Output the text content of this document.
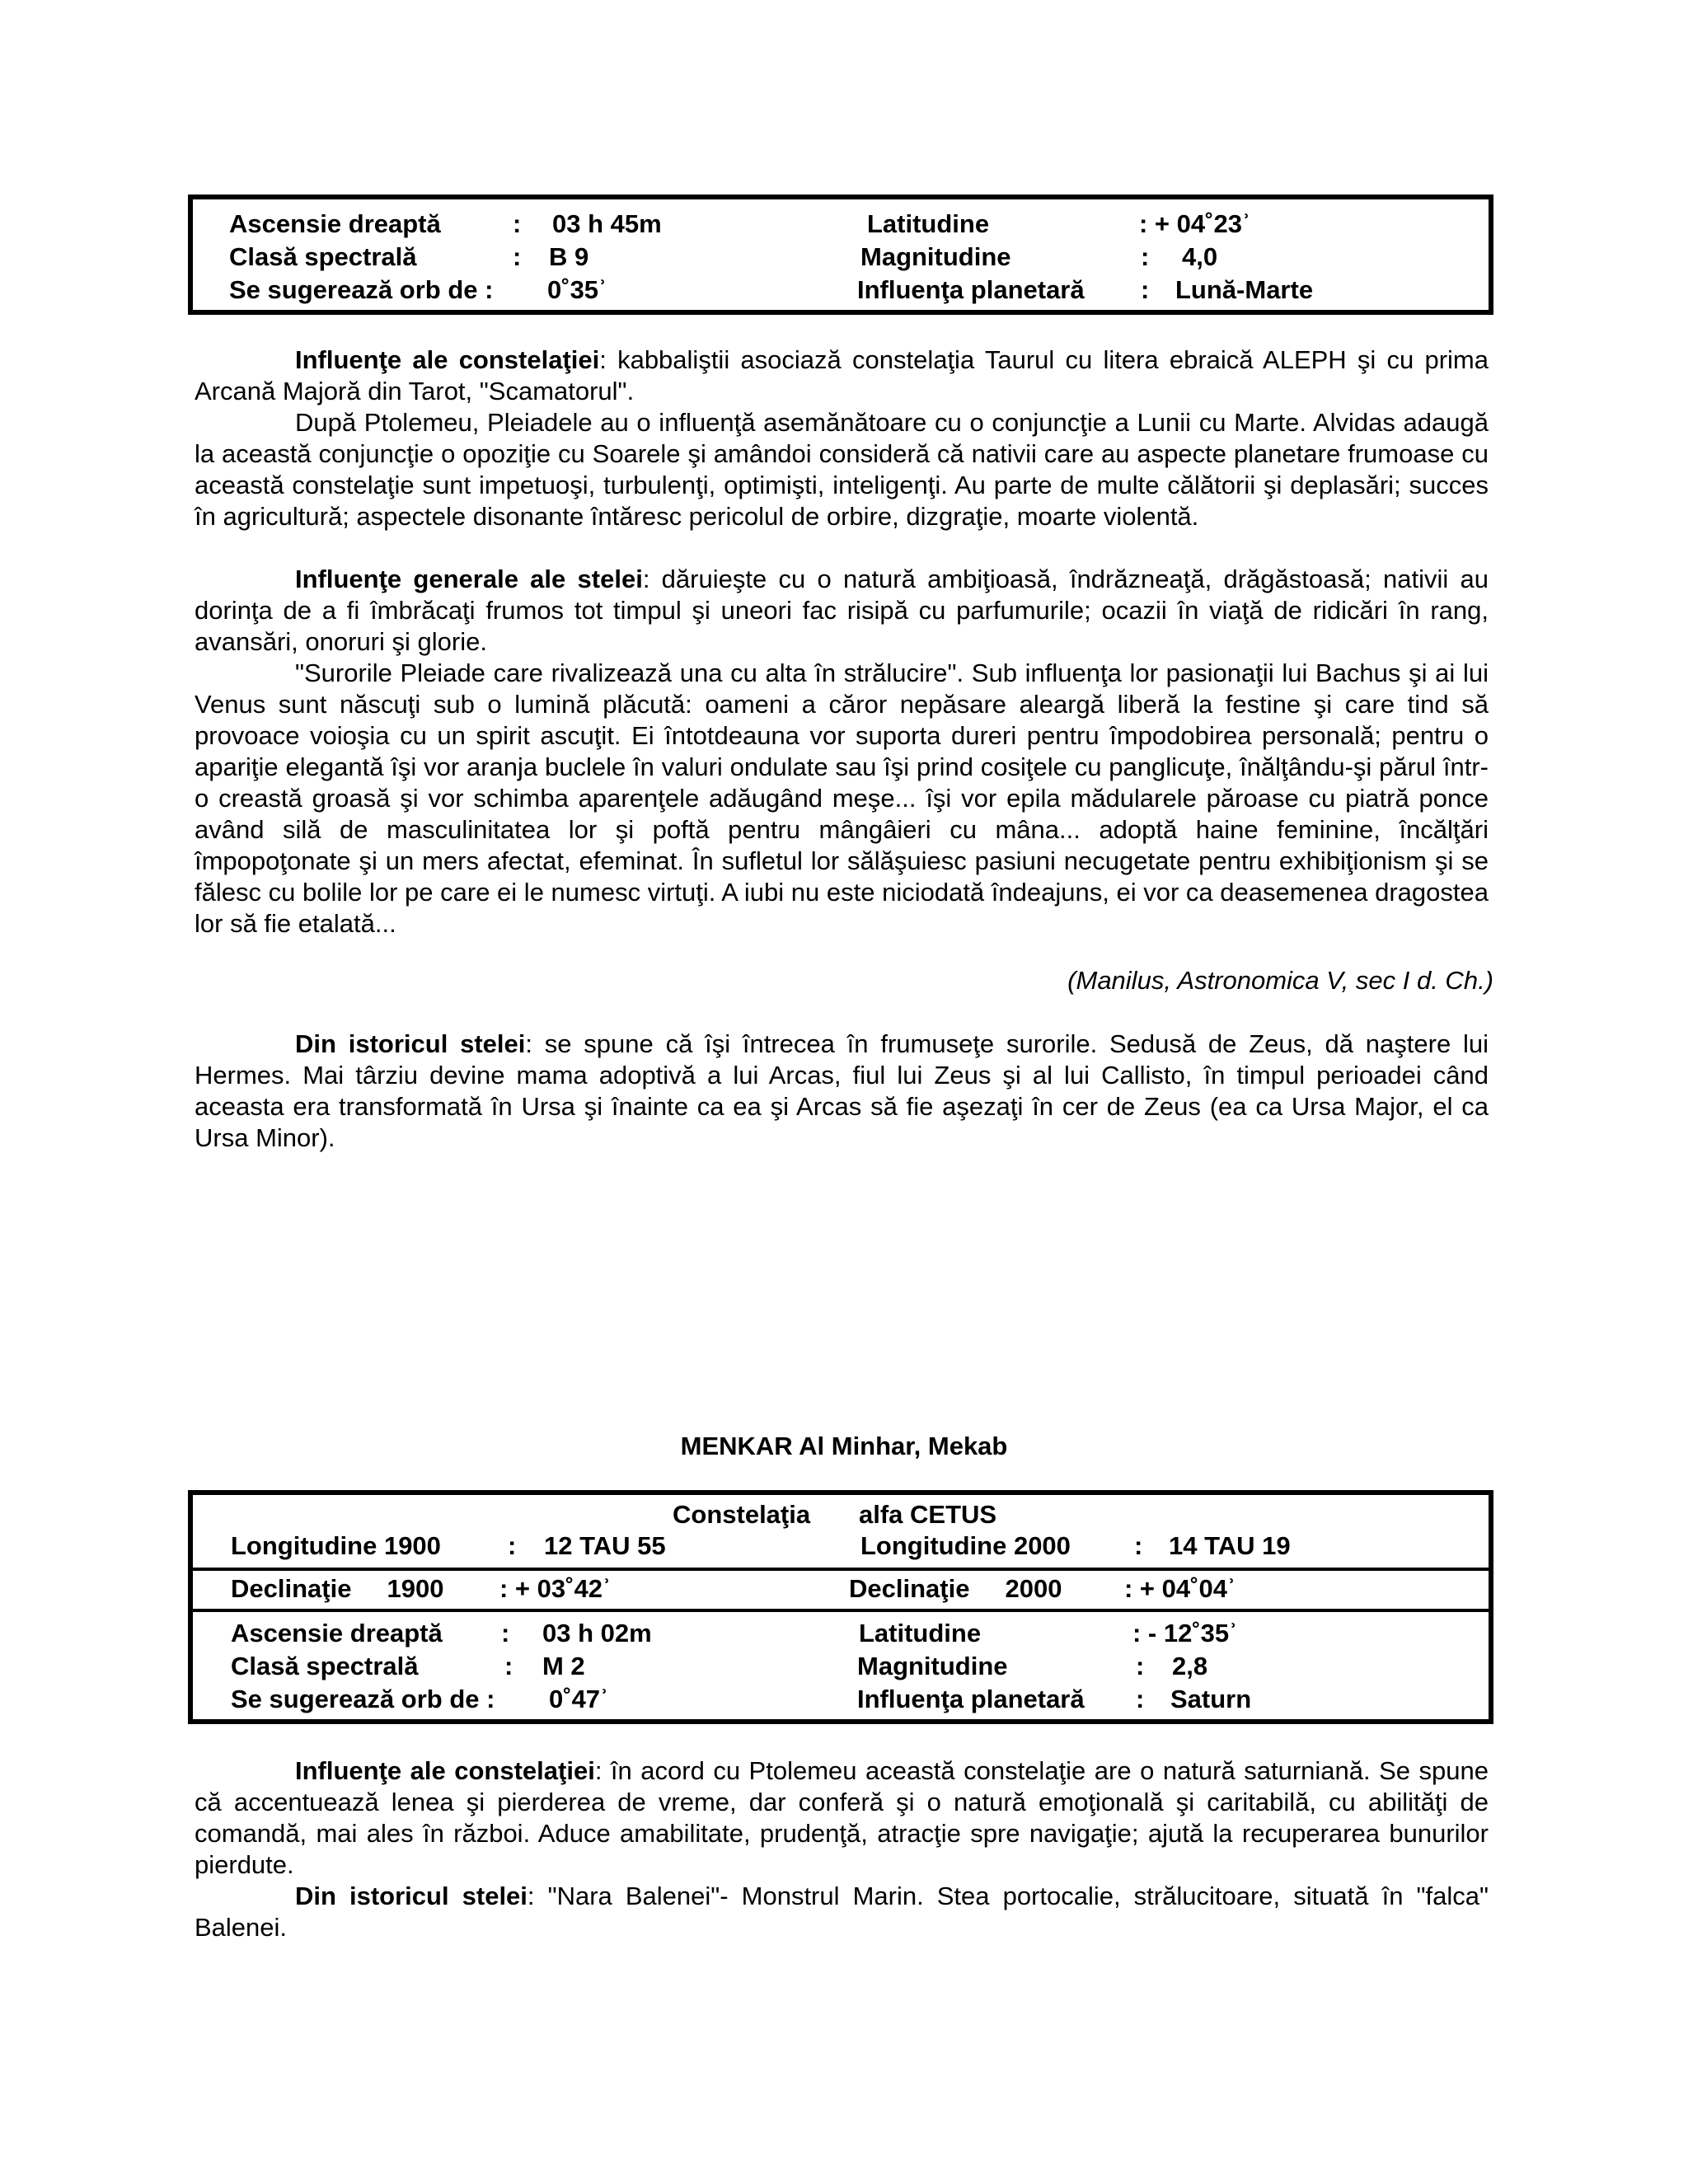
Ascensie dreaptă	: 03 h 45m	Latitudine	: + 04˚23ʾ
Clasă spectrală	: B 9	Magnitudine	: 4,0
Se sugerează orb de : 0˚35ʾ	Influenţa planetară : Lună-Marte

Influenţe ale constelaţiei: kabbaliştii asociază constelaţia Taurul cu litera ebraică ALEPH şi cu prima Arcană Majoră din Tarot, "Scamatorul".

După Ptolemeu, Pleiadele au o influenţă asemănătoare cu o conjuncţie a Lunii cu Marte. Alvidas adaugă la această conjuncţie o opoziţie cu Soarele şi amândoi consideră că nativii care au aspecte planetare frumoase cu această constelaţie sunt impetuoşi, turbulenţi, optimişti, inteligenţi. Au parte de multe călătorii şi deplasări; succes în agricultură; aspectele disonante întăresc pericolul de orbire, dizgraţie, moarte violentă.

Influenţe generale ale stelei: dăruieşte cu o natură ambiţioasă, îndrăzneaţă, drăgăstoasă; nativii au dorinţa de a fi îmbrăcaţi frumos tot timpul şi uneori fac risipă cu parfumurile; ocazii în viaţă de ridicări în rang, avansări, onoruri şi glorie.

"Surorile Pleiade care rivalizează una cu alta în strălucire". Sub influenţa lor pasionaţii lui Bachus şi ai lui Venus sunt născuţi sub o lumină plăcută: oameni a căror nepăsare aleargă liberă la festine şi care tind să provoace voioşia cu un spirit ascuţit. Ei întotdeauna vor suporta dureri pentru împodobirea personală; pentru o apariţie elegantă îşi vor aranja buclele în valuri ondulate sau îşi prind cosiţele cu panglicuţe, înălţându-şi părul într-o creastă groasă şi vor schimba aparenţele adăugând meşe... îşi vor epila mădularele păroase cu piatră ponce având silă de masculinitatea lor şi poftă pentru mângâieri cu mâna... adoptă haine feminine, încălţări împopoţonate şi un mers afectat, efeminat. În sufletul lor sălăşuiesc pasiuni necugetate pentru exhibiţionism şi se fălesc cu bolile lor pe care ei le numesc virtuţi. A iubi nu este niciodată îndeajuns, ei vor ca deasemenea dragostea lor să fie etalată...

(Manilus, Astronomica V, sec I d. Ch.)

Din istoricul stelei: se spune că îşi întrecea în frumuseţe surorile. Sedusă de Zeus, dă naştere lui Hermes. Mai târziu devine mama adoptivă a lui Arcas, fiul lui Zeus şi al lui Callisto, în timpul perioadei când aceasta era transformată în Ursa şi înainte ca ea şi Arcas să fie aşezaţi în cer de Zeus (ea ca Ursa Major, el ca Ursa Minor).

MENKAR Al Minhar, Mekab
Constelaţia alfa CETUS
Longitudine 1900	: 12 TAU 55	Longitudine 2000 : 14 TAU 19
Declinaţie     1900 : + 03˚42ʾ	Declinaţie     2000 : + 04˚04ʾ
Ascensie dreaptă : 03 h 02m	Latitudine	: - 12˚35ʾ
Clasă spectrală	: M 2	Magnitudine	: 2,8
Se sugerează orb de : 0˚47ʾ	Influenţa planetară : Saturn

Influenţe ale constelaţiei: în acord cu Ptolemeu această constelaţie are o natură saturniană. Se spune că accentuează lenea şi pierderea de vreme, dar conferă şi o natură emoţională şi caritabilă, cu abilităţi de comandă, mai ales în război. Aduce amabilitate, prudenţă, atracţie spre navigaţie; ajută la recuperarea bunurilor pierdute.

Din istoricul stelei: "Nara Balenei"- Monstrul Marin. Stea portocalie, strălucitoare, situată în "falca" Balenei.
